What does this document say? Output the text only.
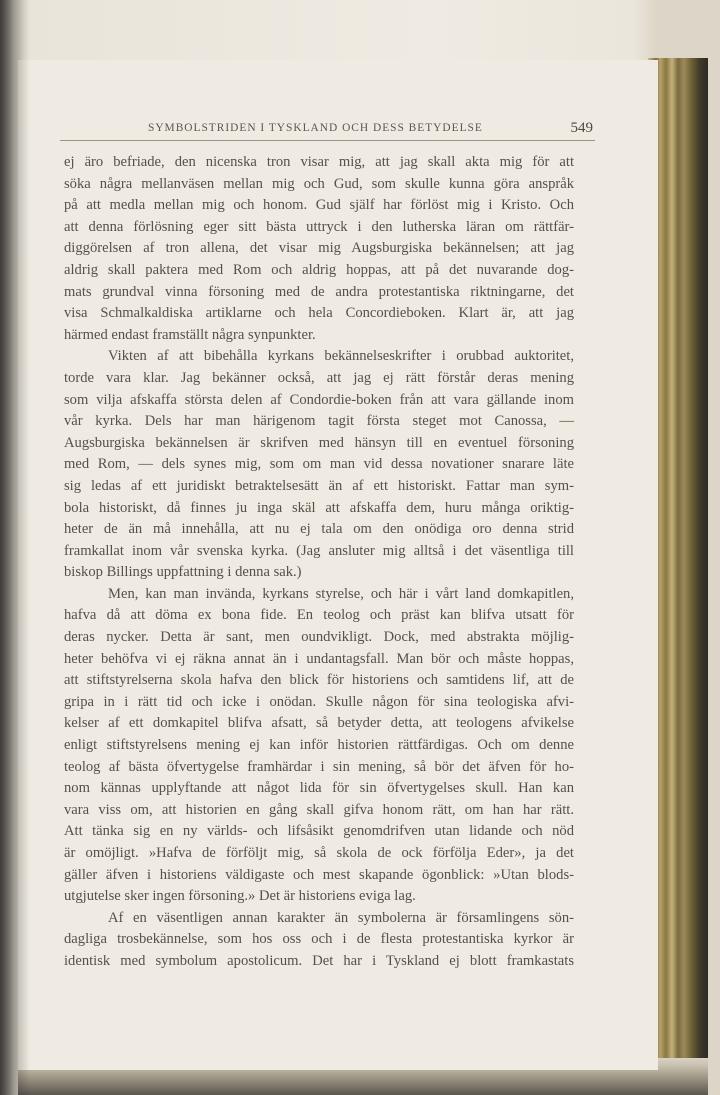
SYMBOLSTRIDEN I TYSKLAND OCH DESS BETYDELSE	549
ej äro befriade, den nicenska tron visar mig, att jag skall akta mig för att
söka några mellanväsen mellan mig och Gud, som skulle kunna göra anspråk
på att medla mellan mig och honom. Gud själf har förlöst mig i Kristo. Och
att denna förlösning eger sitt bästa uttryck i den lutherska läran om rättfär-
diggörelsen af tron allena, det visar mig Augsburgiska bekännelsen; att jag
aldrig skall paktera med Rom och aldrig hoppas, att på det nuvarande dog-
mats grundval vinna försoning med de andra protestantiska riktningarne, det
visa Schmalkaldiska artiklarne och hela Concordieboken. Klart är, att jag
härmed endast framställt några synpunkter.
Vikten af att bibehålla kyrkans bekännelseskrifter i orubbad auktoritet,
torde vara klar. Jag bekänner också, att jag ej rätt förstår deras mening
som vilja afskaffa största delen af Condordie-boken från att vara gällande inom
vår kyrka. Dels har man härigenom tagit första steget mot Canossa, —
Augsburgiska bekännelsen är skrifven med hänsyn till en eventuel försoning
med Rom, — dels synes mig, som om man vid dessa novationer snarare läte
sig ledas af ett juridiskt betraktelsesätt än af ett historiskt. Fattar man sym-
bola historiskt, då finnes ju inga skäl att afskaffa dem, huru många oriktig-
heter de än må innehålla, att nu ej tala om den onödiga oro denna strid
framkallat inom vår svenska kyrka. (Jag ansluter mig alltså i det väsentliga till
biskop Billings uppfattning i denna sak.)
Men, kan man invända, kyrkans styrelse, och här i vårt land domkapitlen,
hafva då att döma ex bona fide. En teolog och präst kan blifva utsatt för
deras nycker. Detta är sant, men oundvikligt. Dock, med abstrakta möjlig-
heter behöfva vi ej räkna annat än i undantagsfall. Man bör och måste hoppas,
att stiftstyrelserna skola hafva den blick för historiens och samtidens lif, att de
gripa in i rätt tid och icke i onödan. Skulle någon för sina teologiska afvi-
kelser af ett domkapitel blifva afsatt, så betyder detta, att teologens afvikelse
enligt stiftstyrelsens mening ej kan inför historien rättfärdigas. Och om denne
teolog af bästa öfvertygelse framhärdar i sin mening, så bör det äfven för ho-
nom kännas upplyftande att något lida för sin öfvertygelses skull. Han kan
vara viss om, att historien en gång skall gifva honom rätt, om han har rätt.
Att tänka sig en ny världs- och lifsåsikt genomdrifven utan lidande och nöd
är omöjligt. »Hafva de förföljt mig, så skola de ock förfölja Eder», ja det
gäller äfven i historiens väldigaste och mest skapande ögonblick: »Utan blods-
utgjutelse sker ingen försoning.» Det är historiens eviga lag.
Af en väsentligen annan karakter än symbolerna är församlingens sön-
dagliga trosbekännelse, som hos oss och i de flesta protestantiska kyrkor är
identisk med symbolum apostolicum. Det har i Tyskland ej blott framkastats
